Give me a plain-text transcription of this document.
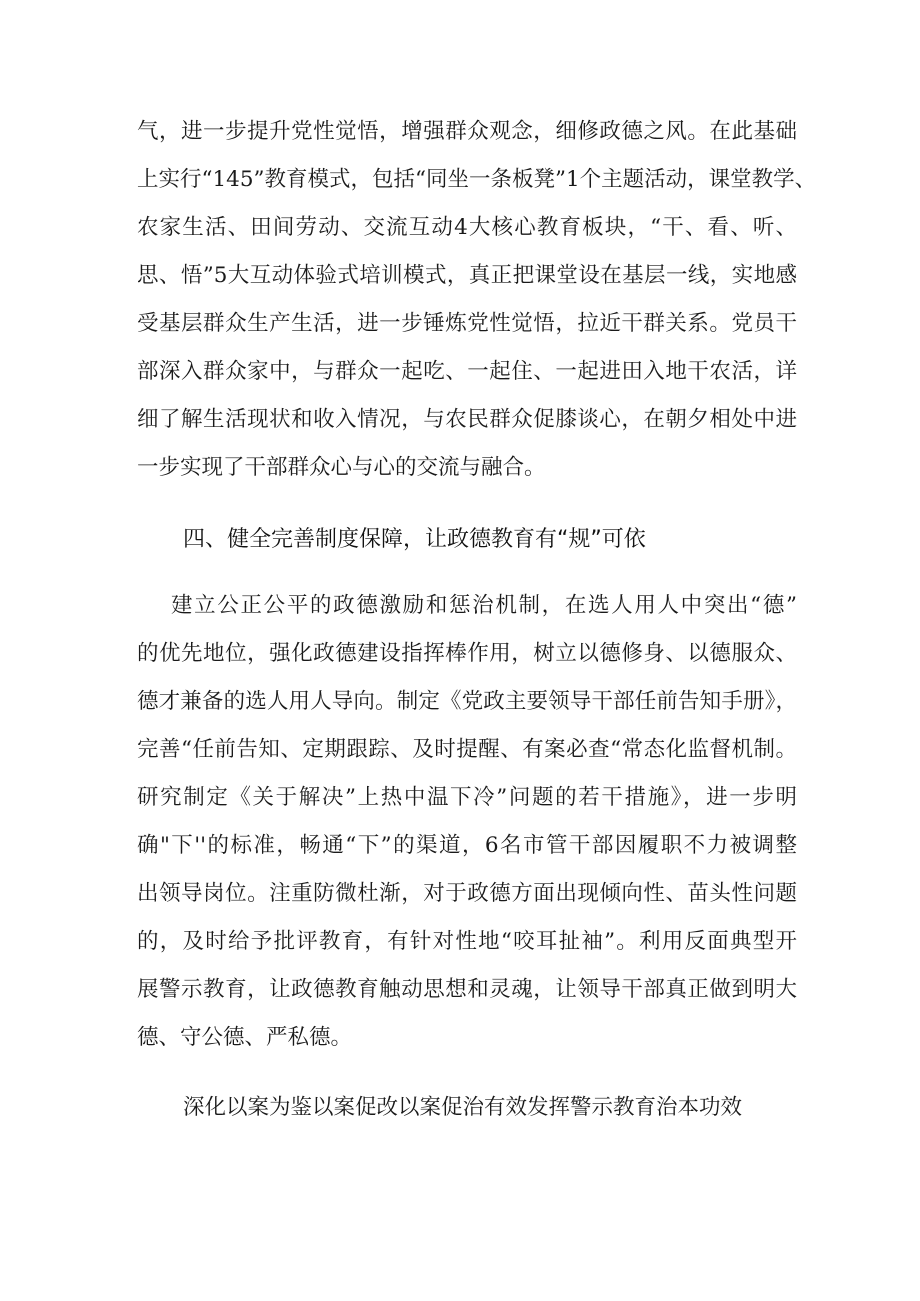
气，进一步提升党性觉悟，增强群众观念，细修政德之风。在此基础
上实行“145”教育模式，包括“同坐一条板凳”1个主题活动，课堂教学、
农家生活、田间劳动、交流互动4大核心教育板块，“干、看、听、
思、悟”5大互动体验式培训模式，真正把课堂设在基层一线，实地感
受基层群众生产生活，进一步锤炼党性觉悟，拉近干群关系。党员干
部深入群众家中，与群众一起吃、一起住、一起进田入地干农活，详
细了解生活现状和收入情况，与农民群众促膝谈心，在朝夕相处中进
一步实现了干部群众心与心的交流与融合。
四、健全完善制度保障，让政德教育有“规”可依
建立公正公平的政德激励和惩治机制，在选人用人中突出“德”
的优先地位，强化政德建设指挥棒作用，树立以德修身、以德服众、
德才兼备的选人用人导向。制定《党政主要领导干部任前告知手册》，
完善“任前告知、定期跟踪、及时提醒、有案必查“常态化监督机制。
研究制定《关于解决”上热中温下冷”问题的若干措施》，进一步明
确"下''的标准，畅通“下”的渠道，6名市管干部因履职不力被调整
出领导岗位。注重防微杜渐，对于政德方面出现倾向性、苗头性问题
的，及时给予批评教育，有针对性地“咬耳扯袖”。利用反面典型开
展警示教育，让政德教育触动思想和灵魂，让领导干部真正做到明大
德、守公德、严私德。
深化以案为鉴以案促改以案促治有效发挥警示教育治本功效
